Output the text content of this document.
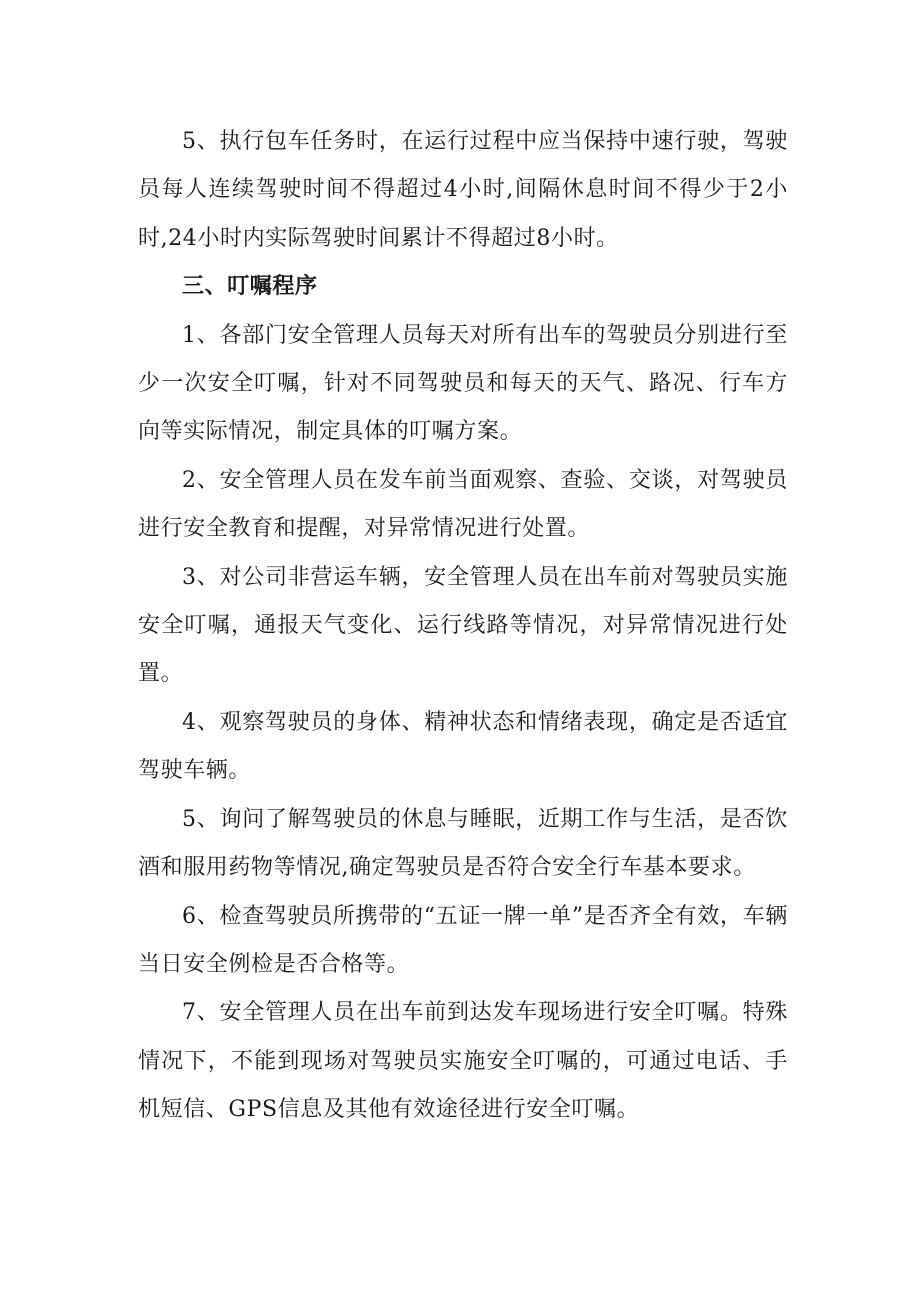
5、执行包车任务时，在运行过程中应当保持中速行驶，驾驶员每人连续驾驶时间不得超过4小时,间隔休息时间不得少于2小时,24小时内实际驾驶时间累计不得超过8小时。

三、叮嘱程序

1、各部门安全管理人员每天对所有出车的驾驶员分别进行至少一次安全叮嘱，针对不同驾驶员和每天的天气、路况、行车方向等实际情况，制定具体的叮嘱方案。

2、安全管理人员在发车前当面观察、查验、交谈，对驾驶员进行安全教育和提醒，对异常情况进行处置。

3、对公司非营运车辆，安全管理人员在出车前对驾驶员实施安全叮嘱，通报天气变化、运行线路等情况，对异常情况进行处置。

4、观察驾驶员的身体、精神状态和情绪表现，确定是否适宜驾驶车辆。

5、询问了解驾驶员的休息与睡眠，近期工作与生活，是否饮酒和服用药物等情况,确定驾驶员是否符合安全行车基本要求。

6、检查驾驶员所携带的“五证一牌一单”是否齐全有效，车辆当日安全例检是否合格等。

7、安全管理人员在出车前到达发车现场进行安全叮嘱。特殊情况下，不能到现场对驾驶员实施安全叮嘱的，可通过电话、手机短信、GPS信息及其他有效途径进行安全叮嘱。
